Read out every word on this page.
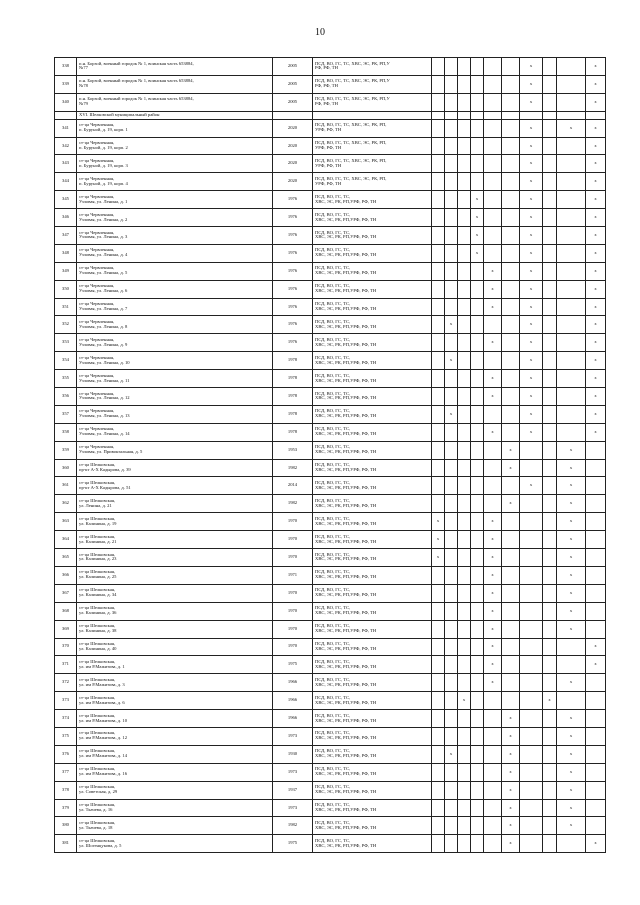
10
338	п.н. Борзой, военный городок № 1, воинская часть 653884,
№77	2005	ПСД, ВО, ГС, ТС, ХВС, ЭС, РК, РП,У
РФ, РФ, ТН							x			x
339	п.н. Борзой, военный городок № 1, воинская часть 653884,
№78	2005	ПСД, ВО, ГС, ТС, ХВС, ЭС, РК, РП,У
РФ, РФ, ТН							x			x
340	п.н. Борзой, военный городок № 1, воинская часть 653884,
№79	2005	ПСД, ВО, ГС, ТС, ХВС, ЭС, РК, РП,У
РФ, РФ, ТН							x			x
	XVI. Шелковской муниципальный район												
341	ст-ца Червленная,
п. Буруной, д. 19, корп. 1	2020	ПСД, ВО, ГС, ТС, ХВС, ЭС, РК, РП,
УРФ, РФ, ТН							x		x	x
342	ст-ца Червленная,
п. Буруной, д. 19, корп. 2	2020	ПСД, ВО, ГС, ТС, ХВС, ЭС, РК, РП,
УРФ, РФ, ТН							x			x
343	ст-ца Червленная,
п. Буруной, д. 19, корп. 3	2020	ПСД, ВО, ГС, ТС, ХВС, ЭС, РК, РП,
УРФ, РФ, ТН							x			x
344	ст-ца Червленная,
п. Буруной, д. 19, корп. 4	2020	ПСД, ВО, ГС, ТС, ХВС, ЭС, РК, РП,
УРФ, РФ, ТН							x			x
345	ст-ца Червленная,
Узловая, ул. Ленина, д. 1	1976	ПСД, ВО, ГС, ТС,
ХВС, ЭС, РК, РП,УРФ, РФ, ТН				x			x			x
346	ст-ца Червленная,
Узловая, ул. Ленина, д. 2	1976	ПСД, ВО, ГС, ТС,
ХВС, ЭС, РК, РП,УРФ, РФ, ТН				x			x			x
347	ст-ца Червленная,
Узловая, ул. Ленина, д. 3	1976	ПСД, ВО, ГС, ТС,
ХВС, ЭС, РК, РП,УРФ, РФ, ТН				x			x			x
348	ст-ца Червленная,
Узловая, ул. Ленина, д. 4	1976	ПСД, ВО, ГС, ТС,
ХВС, ЭС, РК, РП,УРФ, РФ, ТН				x			x			x
349	ст-ца Червленная,
Узловая, ул. Ленина, д. 5	1976	ПСД, ВО, ГС, ТС,
ХВС, ЭС, РК, РП,УРФ, РФ, ТН					x		x			x
350	ст-ца Червленная,
Узловая, ул. Ленина, д. 6	1976	ПСД, ВО, ГС, ТС,
ХВС, ЭС, РК, РП,УРФ, РФ, ТН					x		x			x
351	ст-ца Червленная,
Узловая, ул. Ленина, д. 7	1976	ПСД, ВО, ГС, ТС,
ХВС, ЭС, РК, РП,УРФ, РФ, ТН					x		x			x
352	ст-ца Червленная,
Узловая, ул. Ленина, д. 8	1976	ПСД, ВО, ГС, ТС,
ХВС, ЭС, РК, РП,УРФ, РФ, ТН		x					x			x
353	ст-ца Червленная,
Узловая, ул. Ленина, д. 9	1976	ПСД, ВО, ГС, ТС,
ХВС, ЭС, РК, РП,УРФ, РФ, ТН					x		x			x
354	ст-ца Червленная,
Узловая, ул. Ленина, д. 10	1978	ПСД, ВО, ГС, ТС,
ХВС, ЭС, РК, РП,УРФ, РФ, ТН		x					x			x
355	ст-ца Червленная,
Узловая, ул. Ленина, д. 11	1978	ПСД, ВО, ГС, ТС,
ХВС, ЭС, РК, РП,УРФ, РФ, ТН					x		x			x
356	ст-ца Червленная,
Узловая, ул. Ленина, д. 12	1978	ПСД, ВО, ГС, ТС,
ХВС, ЭС, РК, РП,УРФ, РФ, ТН					x		x			x
357	ст-ца Червленная,
Узловая, ул. Ленина, д. 13	1978	ПСД, ВО, ГС, ТС,
ХВС, ЭС, РК, РП,УРФ, РФ, ТН		x					x			x
358	ст-ца Червленная,
Узловая, ул. Ленина, д. 14	1978	ПСД, ВО, ГС, ТС,
ХВС, ЭС, РК, РП,УРФ, РФ, ТН					x		x			x
359	ст-ца Червленная,
Узловая, ул. Привокзальная, д. 5	1953	ПСД, ВО, ГС, ТС,
ХВС, ЭС, РК, РП,УРФ, РФ, ТН						x			x	
360	ст-ца Шелковская,
пр-кт А-Х Кадырова, д. 39	1982	ПСД, ВО, ГС, ТС,
ХВС, ЭС, РК, РП,УРФ, РФ, ТН						x			x	
361	ст-ца Шелковская,
пр-кт А-Х Кадырова, д. 51	2014	ПСД, ВО, ГС, ТС,
ХВС, ЭС, РК, РП,УРФ, РФ, ТН							x		x	
362	ст-ца Шелковская,
ул. Ленина, д. 21	1982	ПСД, ВО, ГС, ТС,
ХВС, ЭС, РК, РП,УРФ, РФ, ТН						x			x	
363	ст-ца Шелковская,
ул. Калинина, д. 19	1970	ПСД, ВО, ГС, ТС,
ХВС, ЭС, РК, РП,УРФ, РФ, ТН	x				x				x	
364	ст-ца Шелковская,
ул. Калинина, д. 21	1970	ПСД, ВО, ГС, ТС,
ХВС, ЭС, РК, РП,УРФ, РФ, ТН	x				x				x	
365	ст-ца Шелковская,
ул. Калинина, д. 23	1970	ПСД, ВО, ГС, ТС,
ХВС, ЭС, РК, РП,УРФ, РФ, ТН	x				x				x	
366	ст-ца Шелковская,
ул. Калинина, д. 25	1971	ПСД, ВО, ГС, ТС,
ХВС, ЭС, РК, РП,УРФ, РФ, ТН					x				x	
367	ст-ца Шелковская,
ул. Калинина, д. 34	1970	ПСД, ВО, ГС, ТС,
ХВС, ЭС, РК, РП,УРФ, РФ, ТН					x				x	
368	ст-ца Шелковская,
ул. Калинина, д. 36	1970	ПСД, ВО, ГС, ТС,
ХВС, ЭС, РК, РП,УРФ, РФ, ТН					x				x	
369	ст-ца Шелковская,
ул. Калинина, д. 38	1970	ПСД, ВО, ГС, ТС,
ХВС, ЭС, РК, РП,УРФ, РФ, ТН					x				x	
370	ст-ца Шелковская,
ул. Калинина, д. 40	1970	ПСД, ВО, ГС, ТС,
ХВС, ЭС, РК, РП,УРФ, РФ, ТН					x					x
371	ст-ца Шелковская,
ул. им Р.Мажитова, д. 1	1975	ПСД, ВО, ГС, ТС,
ХВС, ЭС, РК, РП,УРФ, РФ, ТН					x					x
372	ст-ца Шелковская,
ул. им Р.Мажитова, д. 3	1966	ПСД, ВО, ГС, ТС,
ХВС, ЭС, РК, РП,УРФ, РФ, ТН					x				x	
373	ст-ца Шелковская,
ул. им Р.Мажитова, д. 6	1966	ПСД, ВО, ГС, ТС,
ХВС, ЭС, РК, РП,УРФ, РФ, ТН			x					x		
374	ст-ца Шелковская,
ул. им Р.Мажитова, д. 10	1966	ПСД, ВО, ГС, ТС,
ХВС, ЭС, РК, РП,УРФ, РФ, ТН						x			x	
375	ст-ца Шелковская,
ул. им Р.Мажитова, д. 12	1973	ПСД, ВО, ГС, ТС,
ХВС, ЭС, РК, РП,УРФ, РФ, ТН						x			x	
376	ст-ца Шелковская,
ул. им Р.Мажитова, д. 14	1930	ПСД, ВО, ГС, ТС,
ХВС, ЭС, РК, РП,УРФ, РФ, ТН		x				x			x	
377	ст-ца Шелковская,
ул. им Р.Мажитова, д. 16	1973	ПСД, ВО, ГС, ТС,
ХВС, ЭС, РК, РП,УРФ, РФ, ТН						x			x	
378	ст-ца Шелковская,
ул. Советская, д. 29	1937	ПСД, ВО, ГС, ТС,
ХВС, ЭС, РК, РП,УРФ, РФ, ТН						x			x	
379	ст-ца Шелковская,
ул. Ткачева, д. 16	1973	ПСД, ВО, ГС, ТС,
ХВС, ЭС, РК, РП,УРФ, РФ, ТН						x			x	
380	ст-ца Шелковская,
ул. Ткачева, д. 18	1982	ПСД, ВО, ГС, ТС,
ХВС, ЭС, РК, РП,УРФ, РФ, ТН						x			x	
381	ст-ца Шелковская,
ул. Шогенцукова, д. 5	1975	ПСД, ВО, ГС, ТС,
ХВС, ЭС, РК, РП,УРФ, РФ, ТН						x				x
